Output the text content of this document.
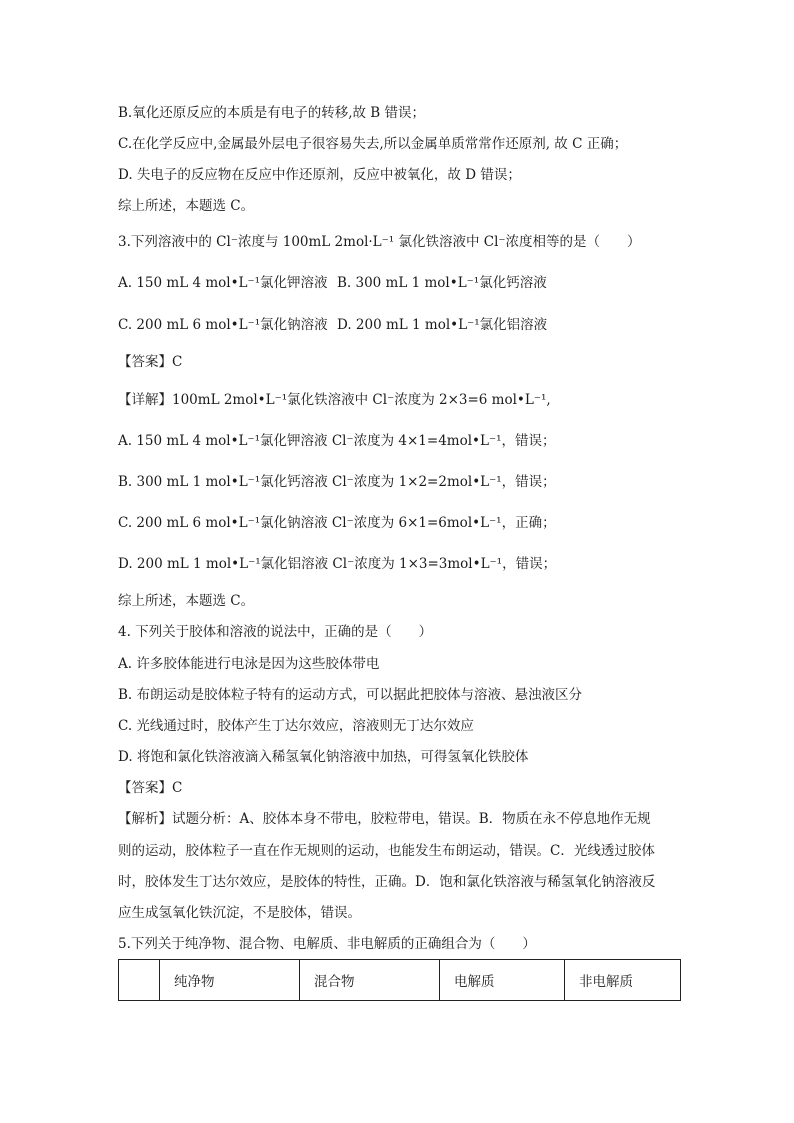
B.氧化还原反应的本质是有电子的转移,故 B 错误；
C.在化学反应中,金属最外层电子很容易失去,所以金属单质常常作还原剂, 故 C 正确；
D. 失电子的反应物在反应中作还原剂，反应中被氧化，故 D 错误；
综上所述，本题选 C。
3.下列溶液中的 Cl⁻浓度与 100mL 2mol·L⁻¹ 氯化铁溶液中 Cl⁻浓度相等的是（　　）
A. 150 mL 4 mol•L⁻¹氯化钾溶液 B. 300 mL 1 mol•L⁻¹氯化钙溶液
C. 200 mL 6 mol•L⁻¹氯化钠溶液 D. 200 mL 1 mol•L⁻¹氯化铝溶液
【答案】C
【详解】100mL 2mol•L⁻¹氯化铁溶液中 Cl⁻浓度为 2×3=6 mol•L⁻¹,
A. 150 mL 4 mol•L⁻¹氯化钾溶液 Cl⁻浓度为 4×1=4mol•L⁻¹，错误；
B. 300 mL 1 mol•L⁻¹氯化钙溶液 Cl⁻浓度为 1×2=2mol•L⁻¹，错误；
C. 200 mL 6 mol•L⁻¹氯化钠溶液 Cl⁻浓度为 6×1=6mol•L⁻¹，正确；
D. 200 mL 1 mol•L⁻¹氯化铝溶液 Cl⁻浓度为 1×3=3mol•L⁻¹，错误；
综上所述，本题选 C。
4. 下列关于胶体和溶液的说法中，正确的是（　　）
A. 许多胶体能进行电泳是因为这些胶体带电
B. 布朗运动是胶体粒子特有的运动方式，可以据此把胶体与溶液、悬浊液区分
C. 光线通过时，胶体产生丁达尔效应，溶液则无丁达尔效应
D. 将饱和氯化铁溶液滴入稀氢氧化钠溶液中加热，可得氢氧化铁胶体
【答案】C
【解析】试题分析：A、胶体本身不带电，胶粒带电，错误。B．物质在永不停息地作无规
则的运动，胶体粒子一直在作无规则的运动，也能发生布朗运动，错误。C．光线透过胶体
时，胶体发生丁达尔效应，是胶体的特性，正确。D．饱和氯化铁溶液与稀氢氧化钠溶液反
应生成氢氧化铁沉淀，不是胶体，错误。
5.下列关于纯净物、混合物、电解质、非电解质的正确组合为（　　）
	纯净物	混合物	电解质	非电解质
